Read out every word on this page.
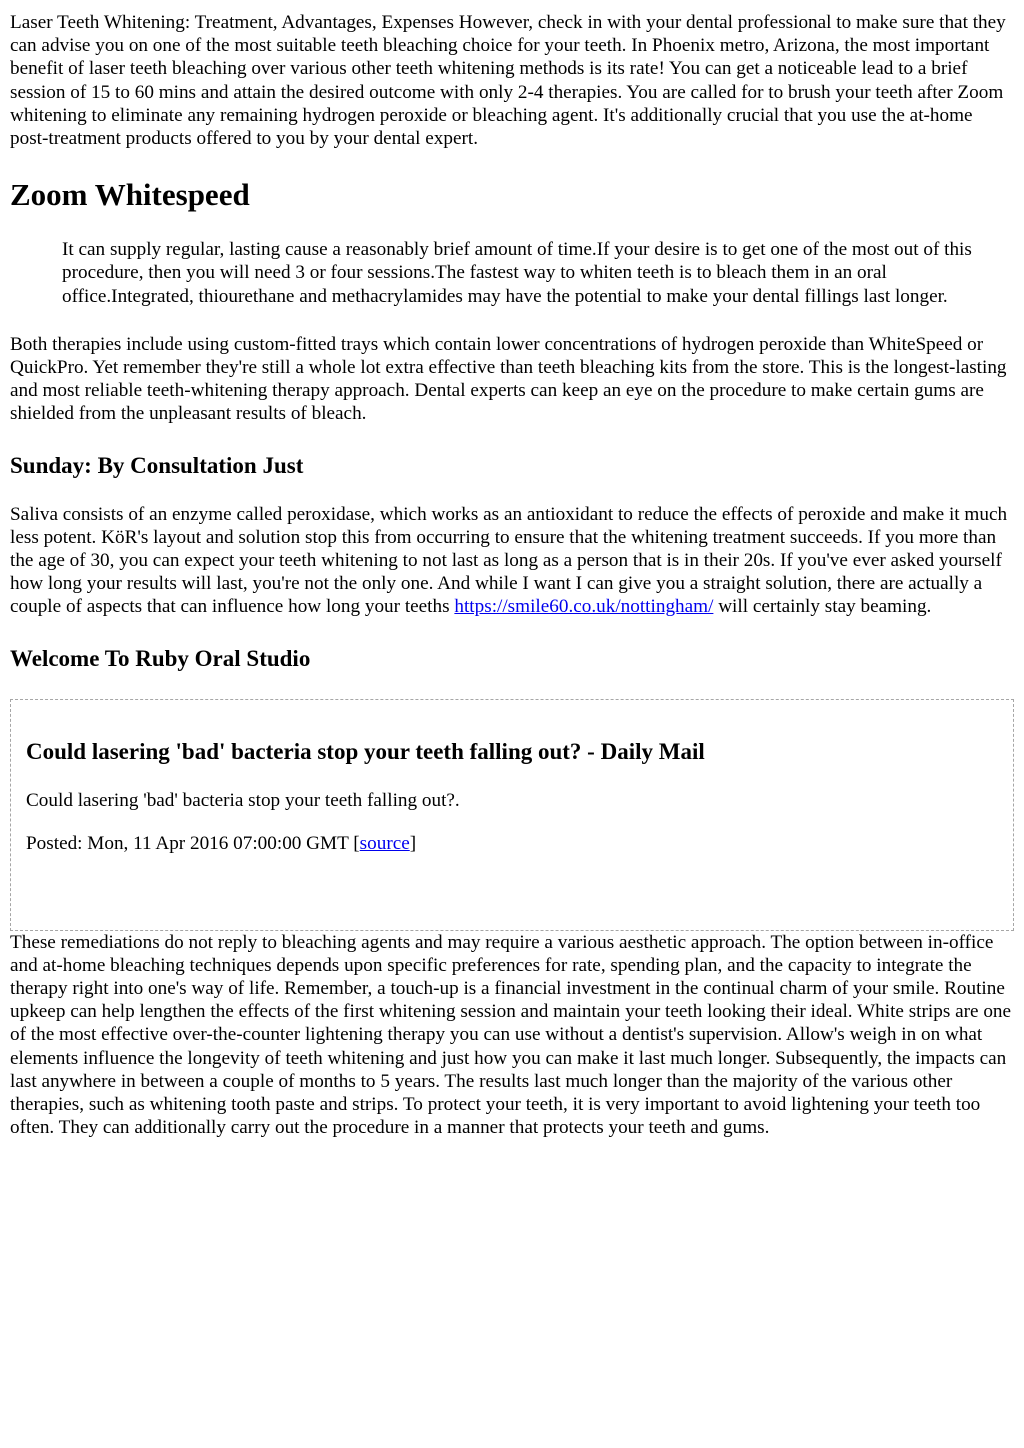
Laser Teeth Whitening: Treatment, Advantages, Expenses However, check in with your dental professional to make sure that they can advise you on one of the most suitable teeth bleaching choice for your teeth. In Phoenix metro, Arizona, the most important benefit of laser teeth bleaching over various other teeth whitening methods is its rate! You can get a noticeable lead to a brief session of 15 to 60 mins and attain the desired outcome with only 2-4 therapies. You are called for to brush your teeth after Zoom whitening to eliminate any remaining hydrogen peroxide or bleaching agent. It's additionally crucial that you use the at-home post-treatment products offered to you by your dental expert.

Zoom Whitespeed

It can supply regular, lasting cause a reasonably brief amount of time.If your desire is to get one of the most out of this procedure, then you will need 3 or four sessions.The fastest way to whiten teeth is to bleach them in an oral office.Integrated, thiourethane and methacrylamides may have the potential to make your dental fillings last longer.

Both therapies include using custom-fitted trays which contain lower concentrations of hydrogen peroxide than WhiteSpeed or QuickPro. Yet remember they're still a whole lot extra effective than teeth bleaching kits from the store. This is the longest-lasting and most reliable teeth-whitening therapy approach. Dental experts can keep an eye on the procedure to make certain gums are shielded from the unpleasant results of bleach.

Sunday: By Consultation Just

Saliva consists of an enzyme called peroxidase, which works as an antioxidant to reduce the effects of peroxide and make it much less potent. KöR's layout and solution stop this from occurring to ensure that the whitening treatment succeeds. If you more than the age of 30, you can expect your teeth whitening to not last as long as a person that is in their 20s. If you've ever asked yourself how long your results will last, you're not the only one. And while I want I can give you a straight solution, there are actually a couple of aspects that can influence how long your teeths https://smile60.co.uk/nottingham/ will certainly stay beaming.

Welcome To Ruby Oral Studio
Could lasering 'bad' bacteria stop your teeth falling out? - Daily Mail

Could lasering 'bad' bacteria stop your teeth falling out?.

Posted: Mon, 11 Apr 2016 07:00:00 GMT [source]

These remediations do not reply to bleaching agents and may require a various aesthetic approach. The option between in-office and at-home bleaching techniques depends upon specific preferences for rate, spending plan, and the capacity to integrate the therapy right into one's way of life. Remember, a touch-up is a financial investment in the continual charm of your smile. Routine upkeep can help lengthen the effects of the first whitening session and maintain your teeth looking their ideal. White strips are one of the most effective over-the-counter lightening therapy you can use without a dentist's supervision. Allow's weigh in on what elements influence the longevity of teeth whitening and just how you can make it last much longer. Subsequently, the impacts can last anywhere in between a couple of months to 5 years. The results last much longer than the majority of the various other therapies, such as whitening tooth paste and strips. To protect your teeth, it is very important to avoid lightening your teeth too often. They can additionally carry out the procedure in a manner that protects your teeth and gums.
